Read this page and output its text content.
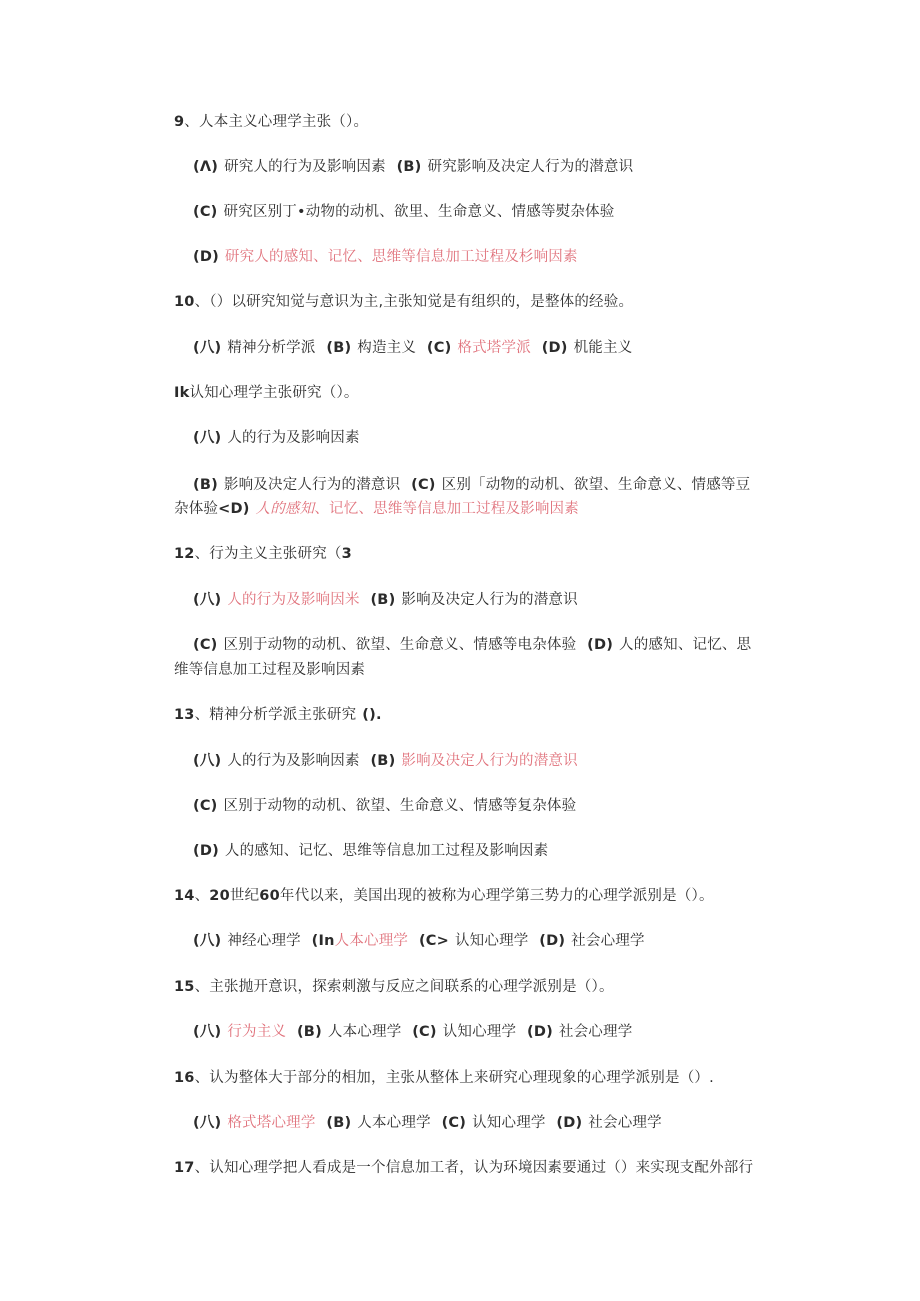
9、人本主义心理学主张（）。
(Λ) 研究人的行为及影响因素 (B) 研究影响及决定人行为的潜意识
(C) 研究区别丁•动物的动机、欲里、生命意义、情感等熨杂体验
(D) 研究人的感知、记忆、思维等信息加工过程及杉响因素
10、（）以研究知觉与意识为主,主张知觉是有组织的，是整体的经验。
(八) 精神分析学派 (B) 构造主义 (C) 格式塔学派 (D) 机能主义
Ik认知心理学主张研究（）。
(八) 人的行为及影响因素
(B) 影响及决定人行为的潜意识 (C) 区别「动物的动机、欲望、生命意义、情感等豆
杂体验<D) 人的感知、记忆、思维等信息加工过程及影响因素
12、行为主义主张研究（3
(八) 人的行为及影响因米 (B) 影响及决定人行为的潜意识
(C) 区别于动物的动机、欲望、生命意义、情感等电杂体验 (D) 人的感知、记忆、思
维等信息加工过程及影响因素
13、精神分析学派主张研究 ().
(八) 人的行为及影响因素 (B) 影响及决定人行为的潜意识
(C) 区别于动物的动机、欲望、生命意义、情感等复杂体验
(D) 人的感知、记忆、思维等信息加工过程及影响因素
14、20世纪60年代以来，美国出现的被称为心理学第三势力的心理学派别是（）。
(八) 神经心理学 (In人本心理学 (C> 认知心理学 (D) 社会心理学
15、主张抛开意识，探索刺激与反应之间联系的心理学派别是（）。
(八) 行为主义 (B) 人本心理学 (C) 认知心理学 (D) 社会心理学
16、认为整体大于部分的相加，主张从整体上来研究心理现象的心理学派别是（）.
(八) 格式塔心理学 (B) 人本心理学 (C) 认知心理学 (D) 社会心理学
17、认知心理学把人看成是一个信息加工者，认为环境因素要通过（）来实现支配外部行
